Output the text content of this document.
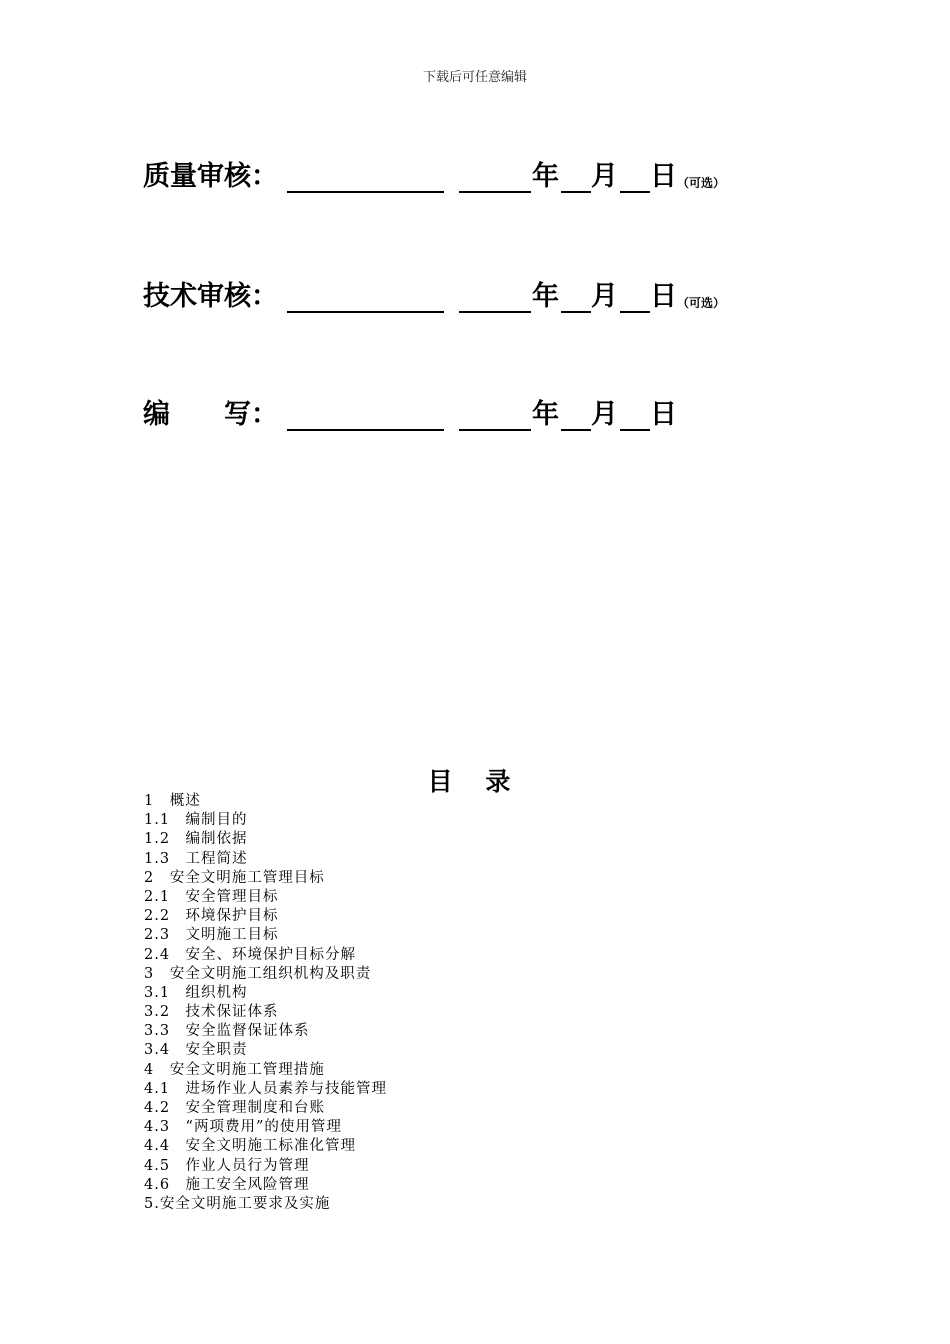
下载后可任意编辑
质量审核：	年 月 日 （可选）
技术审核：	年 月 日 （可选）
编　　写：	年 月 日
目 录
1　概述
1.1　编制目的
1.2　编制依据
1.3　工程简述
2　安全文明施工管理目标
2.1　安全管理目标
2.2　环境保护目标
2.3　文明施工目标
2.4　安全、环境保护目标分解
3　安全文明施工组织机构及职责
3.1　组织机构
3.2　技术保证体系
3.3　安全监督保证体系
3.4　安全职责
4　安全文明施工管理措施
4.1　进场作业人员素养与技能管理
4.2　安全管理制度和台账
4.3　“两项费用”的使用管理
4.4　安全文明施工标准化管理
4.5　作业人员行为管理
4.6　施工安全风险管理
5.安全文明施工要求及实施
